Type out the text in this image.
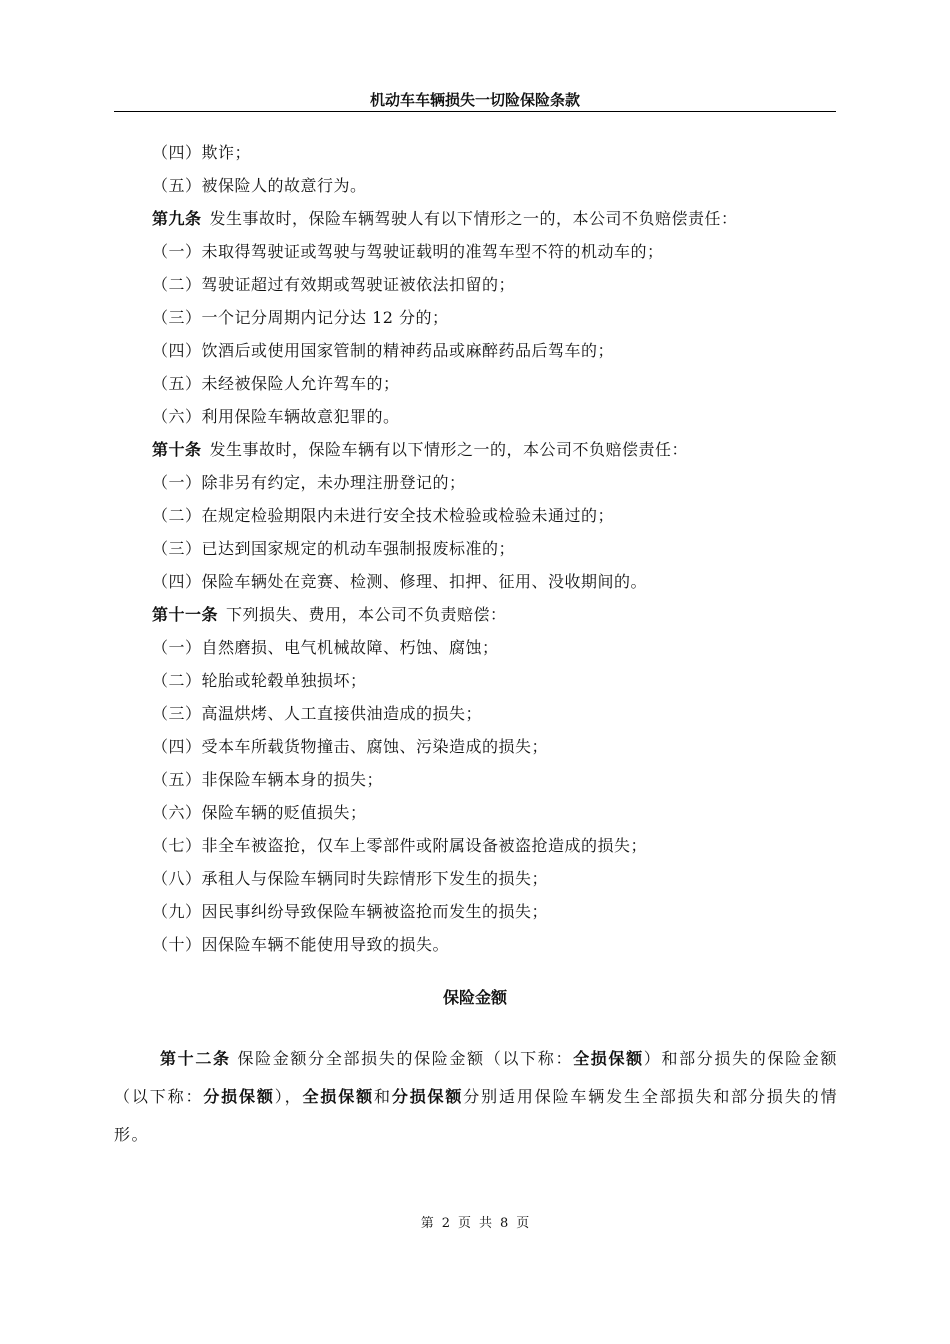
机动车车辆损失一切险保险条款
（四）欺诈；
（五）被保险人的故意行为。
第九条 发生事故时，保险车辆驾驶人有以下情形之一的，本公司不负赔偿责任：
（一）未取得驾驶证或驾驶与驾驶证载明的准驾车型不符的机动车的；
（二）驾驶证超过有效期或驾驶证被依法扣留的；
（三）一个记分周期内记分达 12 分的；
（四）饮酒后或使用国家管制的精神药品或麻醉药品后驾车的；
（五）未经被保险人允许驾车的；
（六）利用保险车辆故意犯罪的。
第十条 发生事故时，保险车辆有以下情形之一的，本公司不负赔偿责任：
（一）除非另有约定，未办理注册登记的；
（二）在规定检验期限内未进行安全技术检验或检验未通过的；
（三）已达到国家规定的机动车强制报废标准的；
（四）保险车辆处在竞赛、检测、修理、扣押、征用、没收期间的。
第十一条 下列损失、费用，本公司不负责赔偿：
（一）自然磨损、电气机械故障、朽蚀、腐蚀；
（二）轮胎或轮毂单独损坏；
（三）高温烘烤、人工直接供油造成的损失；
（四）受本车所载货物撞击、腐蚀、污染造成的损失；
（五）非保险车辆本身的损失；
（六）保险车辆的贬值损失；
（七）非全车被盗抢，仅车上零部件或附属设备被盗抢造成的损失；
（八）承租人与保险车辆同时失踪情形下发生的损失；
（九）因民事纠纷导致保险车辆被盗抢而发生的损失；
（十）因保险车辆不能使用导致的损失。
保险金额
第十二条 保险金额分全部损失的保险金额（以下称：全损保额）和部分损失的保险金额（以下称：分损保额），全损保额和分损保额分别适用保险车辆发生全部损失和部分损失的情形。
第 2 页 共 8 页
